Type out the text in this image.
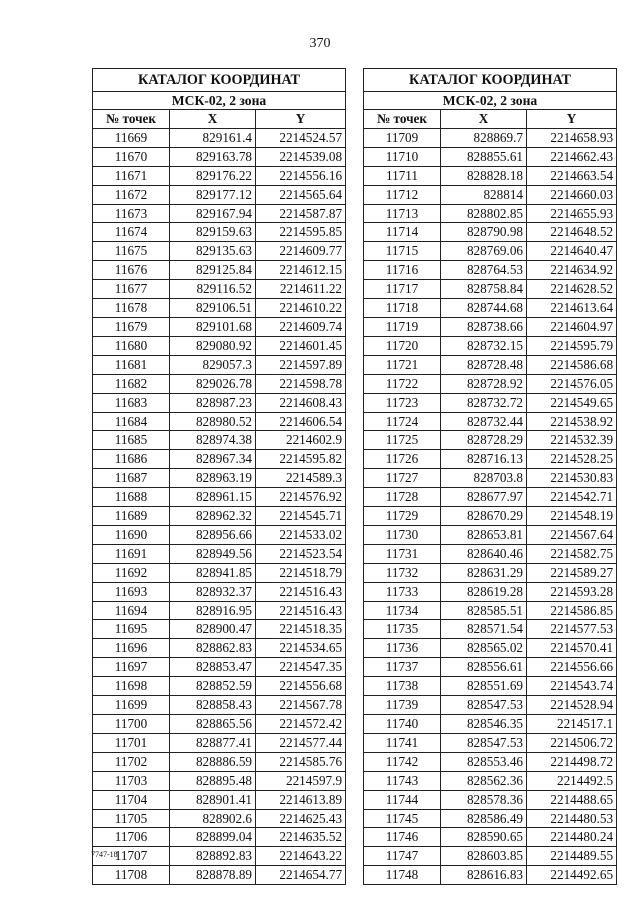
370
КАТАЛОГ КООРДИНАТ		
МСК-02, 2 зона		
№ точек	X	Y
11669	829161.4	2214524.57
11670	829163.78	2214539.08
11671	829176.22	2214556.16
11672	829177.12	2214565.64
11673	829167.94	2214587.87
11674	829159.63	2214595.85
11675	829135.63	2214609.77
11676	829125.84	2214612.15
11677	829116.52	2214611.22
11678	829106.51	2214610.22
11679	829101.68	2214609.74
11680	829080.92	2214601.45
11681	829057.3	2214597.89
11682	829026.78	2214598.78
11683	828987.23	2214608.43
11684	828980.52	2214606.54
11685	828974.38	2214602.9
11686	828967.34	2214595.82
11687	828963.19	2214589.3
11688	828961.15	2214576.92
11689	828962.32	2214545.71
11690	828956.66	2214533.02
11691	828949.56	2214523.54
11692	828941.85	2214518.79
11693	828932.37	2214516.43
11694	828916.95	2214516.43
11695	828900.47	2214518.35
11696	828862.83	2214534.65
11697	828853.47	2214547.35
11698	828852.59	2214556.68
11699	828858.43	2214567.78
11700	828865.56	2214572.42
11701	828877.41	2214577.44
11702	828886.59	2214585.76
11703	828895.48	2214597.9
11704	828901.41	2214613.89
11705	828902.6	2214625.43
11706	828899.04	2214635.52
11707	828892.83	2214643.22
11708	828878.89	2214654.77
КАТАЛОГ КООРДИНАТ		
МСК-02, 2 зона		
№ точек	X	Y
11709	828869.7	2214658.93
11710	828855.61	2214662.43
11711	828828.18	2214663.54
11712	828814	2214660.03
11713	828802.85	2214655.93
11714	828790.98	2214648.52
11715	828769.06	2214640.47
11716	828764.53	2214634.92
11717	828758.84	2214628.52
11718	828744.68	2214613.64
11719	828738.66	2214604.97
11720	828732.15	2214595.79
11721	828728.48	2214586.68
11722	828728.92	2214576.05
11723	828732.72	2214549.65
11724	828732.44	2214538.92
11725	828728.29	2214532.39
11726	828716.13	2214528.25
11727	828703.8	2214530.83
11728	828677.97	2214542.71
11729	828670.29	2214548.19
11730	828653.81	2214567.64
11731	828640.46	2214582.75
11732	828631.29	2214589.27
11733	828619.28	2214593.28
11734	828585.51	2214586.85
11735	828571.54	2214577.53
11736	828565.02	2214570.41
11737	828556.61	2214556.66
11738	828551.69	2214543.74
11739	828547.53	2214528.94
11740	828546.35	2214517.1
11741	828547.53	2214506.72
11742	828553.46	2214498.72
11743	828562.36	2214492.5
11744	828578.36	2214488.65
11745	828586.49	2214480.53
11746	828590.65	2214480.24
11747	828603.85	2214489.55
11748	828616.83	2214492.65
7747-18
